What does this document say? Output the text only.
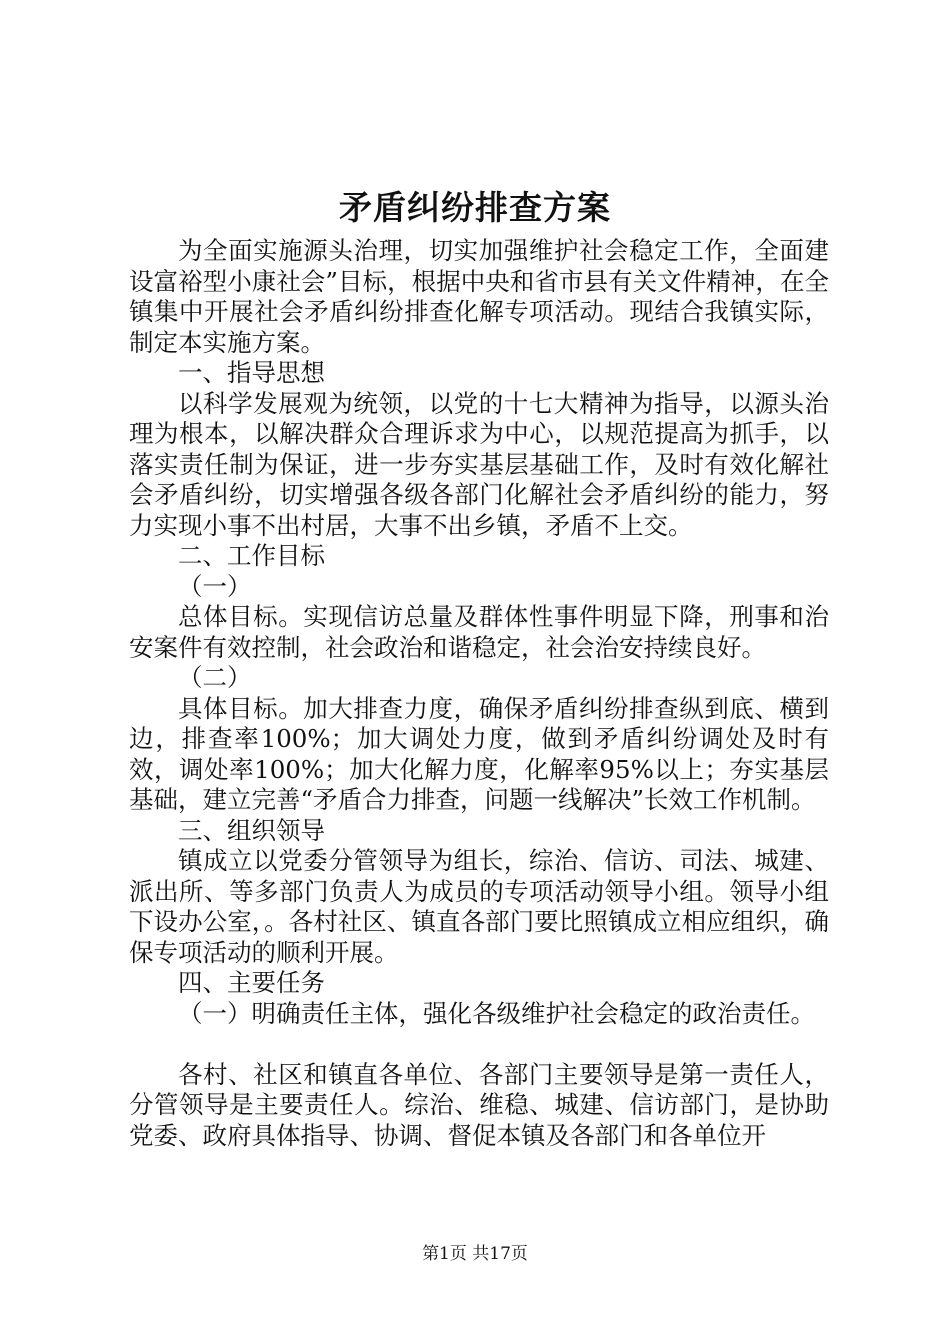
矛盾纠纷排查方案

为全面实施源头治理，切实加强维护社会稳定工作，全面建设富裕型小康社会”目标，根据中央和省市县有关文件精神，在全镇集中开展社会矛盾纠纷排查化解专项活动。现结合我镇实际，制定本实施方案。

一、指导思想

以科学发展观为统领，以党的十七大精神为指导，以源头治理为根本，以解决群众合理诉求为中心，以规范提高为抓手，以落实责任制为保证，进一步夯实基层基础工作，及时有效化解社会矛盾纠纷，切实增强各级各部门化解社会矛盾纠纷的能力，努力实现小事不出村居，大事不出乡镇，矛盾不上交。

二、工作目标

（一）

总体目标。实现信访总量及群体性事件明显下降，刑事和治安案件有效控制，社会政治和谐稳定，社会治安持续良好。

（二）

具体目标。加大排查力度，确保矛盾纠纷排查纵到底、横到边，排查率100%；加大调处力度，做到矛盾纠纷调处及时有效，调处率100%；加大化解力度，化解率95%以上；夯实基层基础，建立完善“矛盾合力排查，问题一线解决”长效工作机制。

三、组织领导

镇成立以党委分管领导为组长，综治、信访、司法、城建、派出所、等多部门负责人为成员的专项活动领导小组。领导小组下设办公室，。各村社区、镇直各部门要比照镇成立相应组织，确保专项活动的顺利开展。

四、主要任务

（一）明确责任主体，强化各级维护社会稳定的政治责任。

各村、社区和镇直各单位、各部门主要领导是第一责任人，分管领导是主要责任人。综治、维稳、城建、信访部门，是协助党委、政府具体指导、协调、督促本镇及各部门和各单位开

第1页 共17页
